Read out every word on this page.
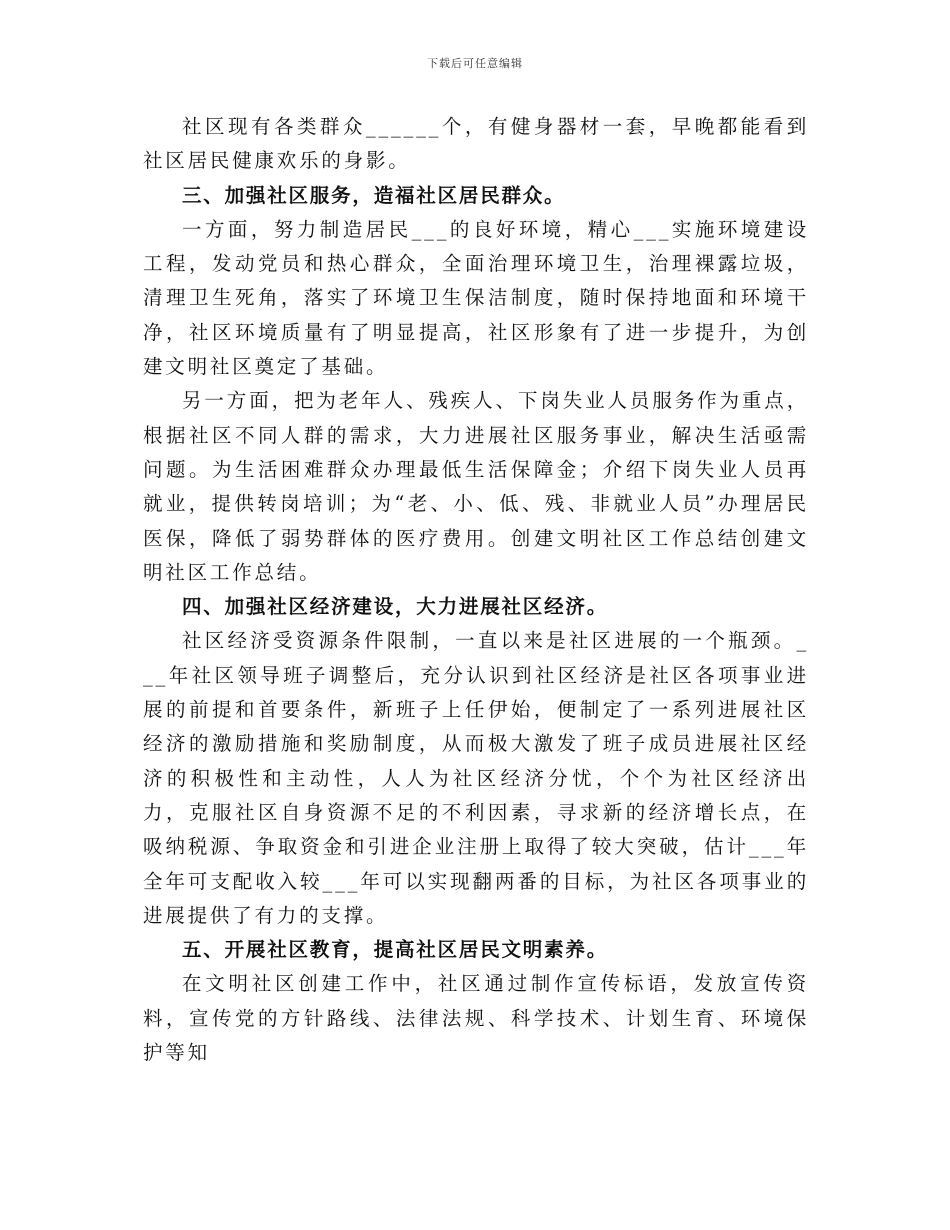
下载后可任意编辑

社区现有各类群众______个，有健身器材一套，早晚都能看到社区居民健康欢乐的身影。

三、加强社区服务，造福社区居民群众。

一方面，努力制造居民___的良好环境，精心___实施环境建设工程，发动党员和热心群众，全面治理环境卫生，治理裸露垃圾，清理卫生死角，落实了环境卫生保洁制度，随时保持地面和环境干净，社区环境质量有了明显提高，社区形象有了进一步提升，为创建文明社区奠定了基础。

另一方面，把为老年人、残疾人、下岗失业人员服务作为重点，根据社区不同人群的需求，大力进展社区服务事业，解决生活亟需问题。为生活困难群众办理最低生活保障金；介绍下岗失业人员再就业，提供转岗培训；为“老、小、低、残、非就业人员”办理居民医保，降低了弱势群体的医疗费用。创建文明社区工作总结创建文明社区工作总结。

四、加强社区经济建设，大力进展社区经济。

社区经济受资源条件限制，一直以来是社区进展的一个瓶颈。___年社区领导班子调整后，充分认识到社区经济是社区各项事业进展的前提和首要条件，新班子上任伊始，便制定了一系列进展社区经济的激励措施和奖励制度，从而极大激发了班子成员进展社区经济的积极性和主动性，人人为社区经济分忧，个个为社区经济出力，克服社区自身资源不足的不利因素，寻求新的经济增长点，在吸纳税源、争取资金和引进企业注册上取得了较大突破，估计___年全年可支配收入较___年可以实现翻两番的目标，为社区各项事业的进展提供了有力的支撑。

五、开展社区教育，提高社区居民文明素养。

在文明社区创建工作中，社区通过制作宣传标语，发放宣传资料，宣传党的方针路线、法律法规、科学技术、计划生育、环境保护等知
